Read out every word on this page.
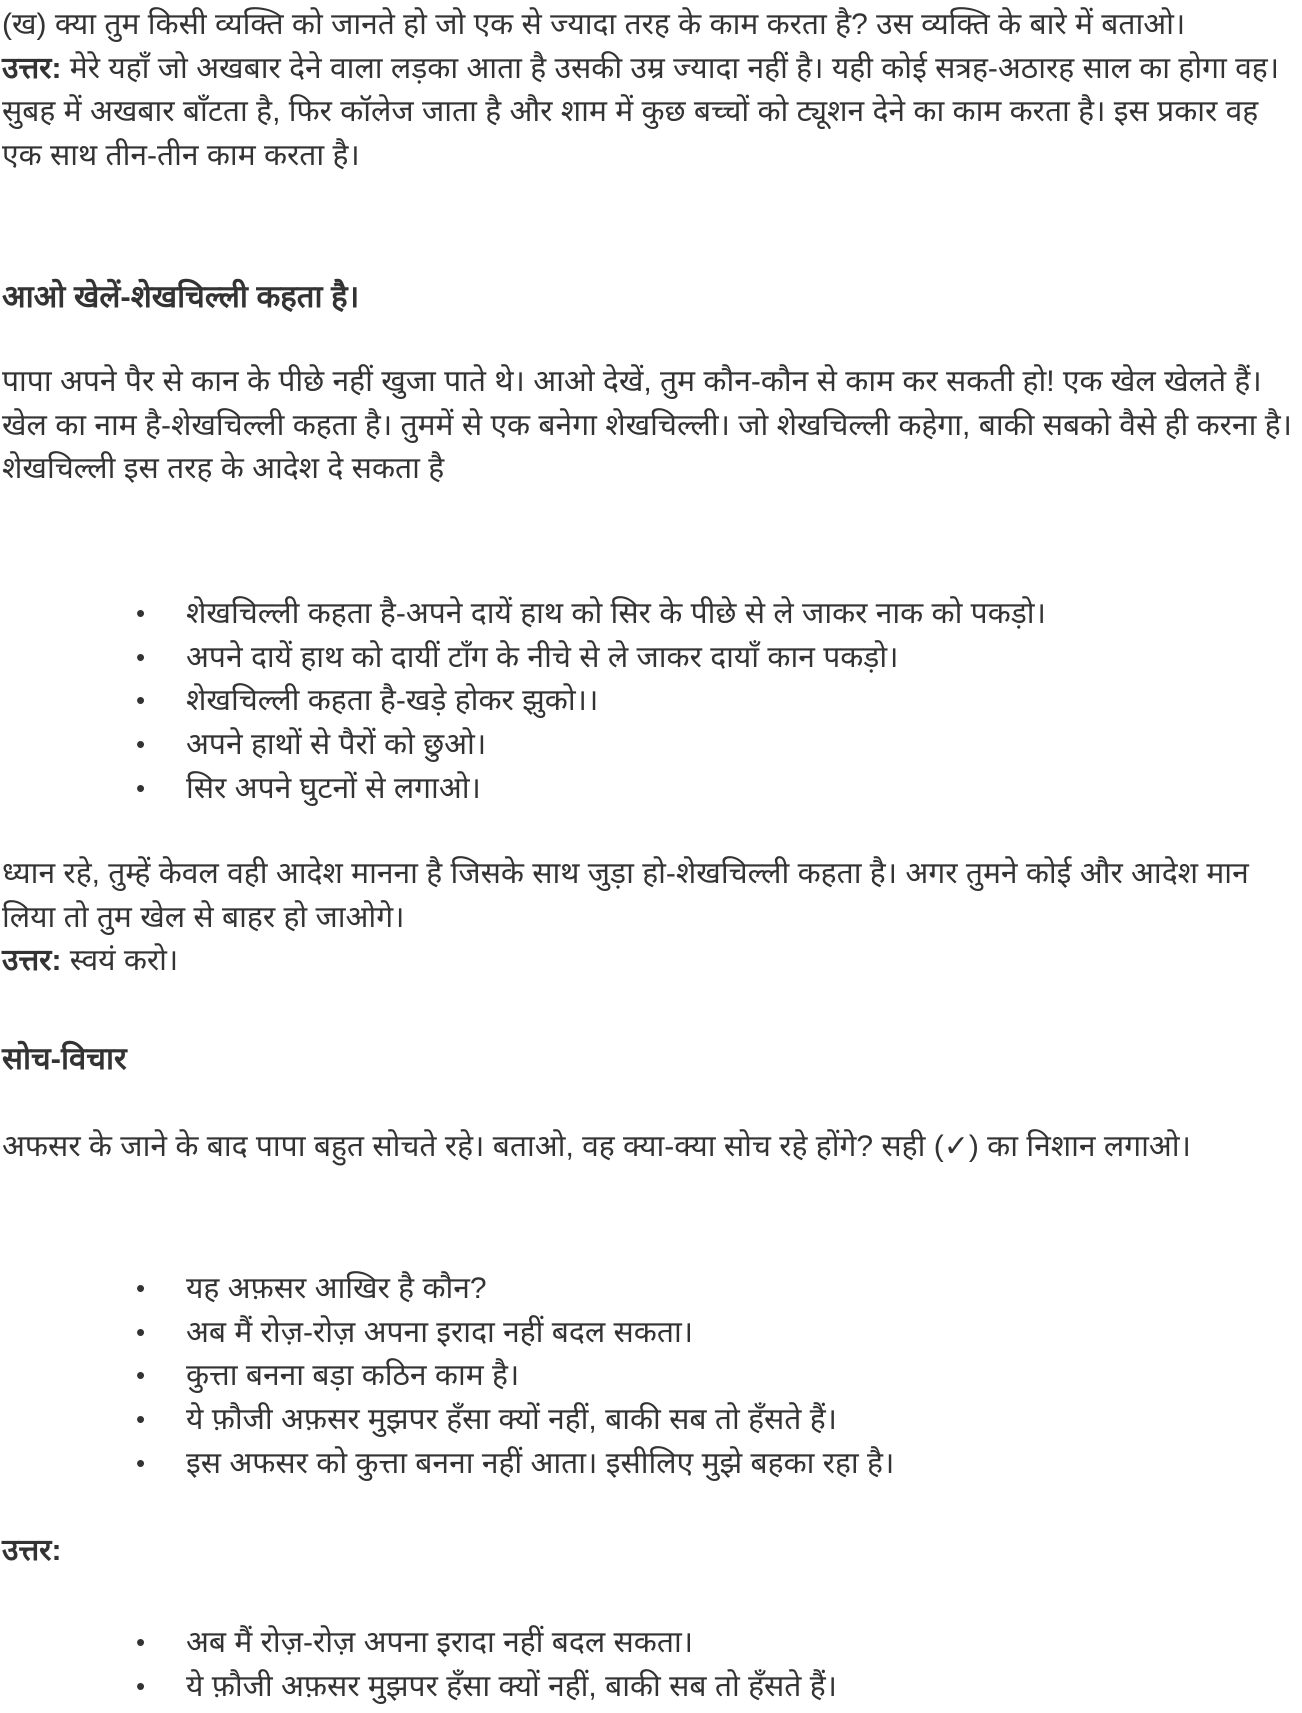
(ख) क्या तुम किसी व्यक्ति को जानते हो जो एक से ज्यादा तरह के काम करता है? उस व्यक्ति के बारे में बताओ।
उत्तर: मेरे यहाँ जो अखबार देने वाला लड़का आता है उसकी उम्र ज्यादा नहीं है। यही कोई सत्रह-अठारह साल का होगा वह। सुबह में अखबार बाँटता है, फिर कॉलेज जाता है और शाम में कुछ बच्चों को ट्यूशन देने का काम करता है। इस प्रकार वह एक साथ तीन-तीन काम करता है।

आओ खेलें-शेखचिल्ली कहता है।

पापा अपने पैर से कान के पीछे नहीं खुजा पाते थे। आओ देखें, तुम कौन-कौन से काम कर सकती हो! एक खेल खेलते हैं। खेल का नाम है-शेखचिल्ली कहता है। तुममें से एक बनेगा शेखचिल्ली। जो शेखचिल्ली कहेगा, बाकी सबको वैसे ही करना है।
शेखचिल्ली इस तरह के आदेश दे सकता है

• शेखचिल्ली कहता है-अपने दायें हाथ को सिर के पीछे से ले जाकर नाक को पकड़ो।
• अपने दायें हाथ को दायीं टाँग के नीचे से ले जाकर दायाँ कान पकड़ो।
• शेखचिल्ली कहता है-खड़े होकर झुको।।
• अपने हाथों से पैरों को छुओ।
• सिर अपने घुटनों से लगाओ।

ध्यान रहे, तुम्हें केवल वही आदेश मानना है जिसके साथ जुड़ा हो-शेखचिल्ली कहता है। अगर तुमने कोई और आदेश मान लिया तो तुम खेल से बाहर हो जाओगे।
उत्तर: स्वयं करो।

सोच-विचार

अफसर के जाने के बाद पापा बहुत सोचते रहे। बताओ, वह क्या-क्या सोच रहे होंगे? सही (✓) का निशान लगाओ।

• यह अफ़सर आखिर है कौन?
• अब मैं रोज़-रोज़ अपना इरादा नहीं बदल सकता।
• कुत्ता बनना बड़ा कठिन काम है।
• ये फ़ौजी अफ़सर मुझपर हँसा क्यों नहीं, बाकी सब तो हँसते हैं।
• इस अफसर को कुत्ता बनना नहीं आता। इसीलिए मुझे बहका रहा है।

उत्तर:

• अब मैं रोज़-रोज़ अपना इरादा नहीं बदल सकता।
• ये फ़ौजी अफ़सर मुझपर हँसा क्यों नहीं, बाकी सब तो हँसते हैं।
